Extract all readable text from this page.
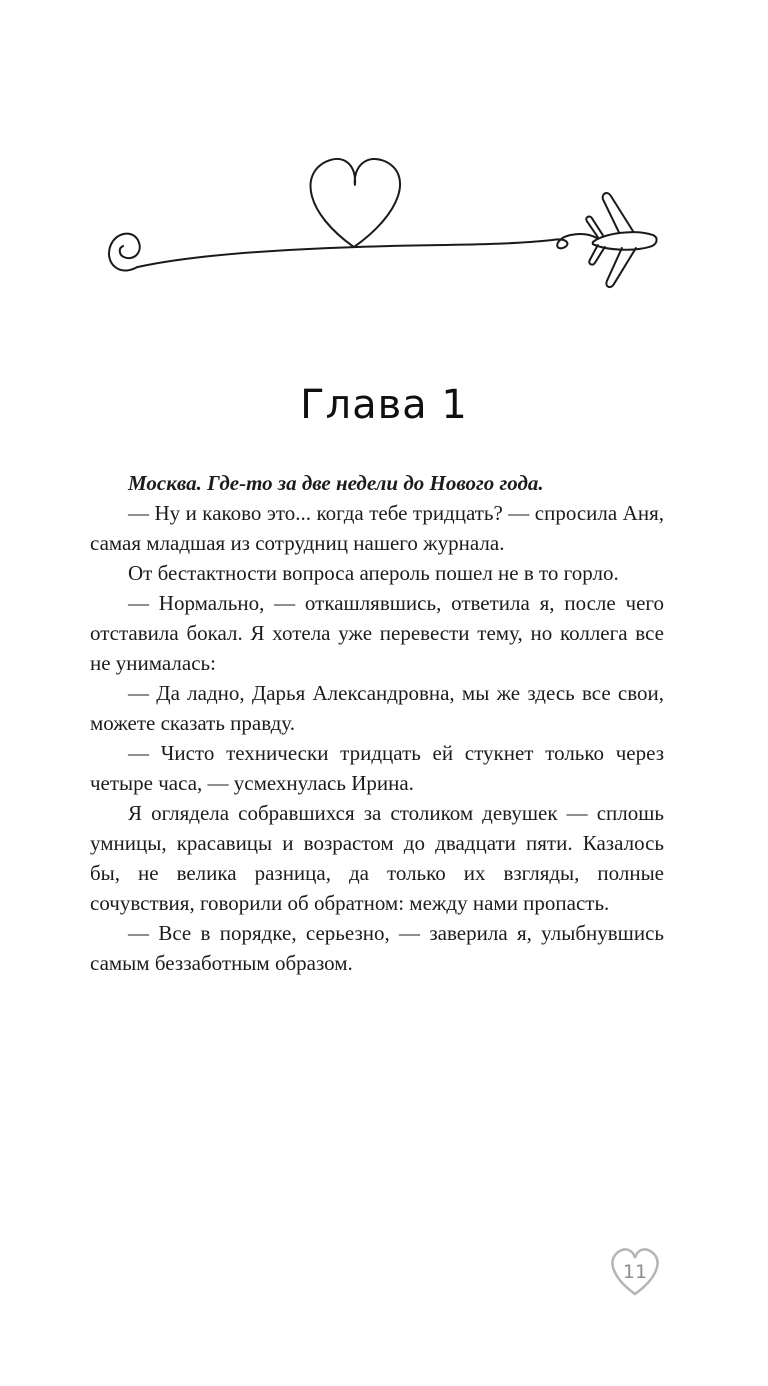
Глава 1

Москва. Где-то за две недели до Нового года.

— Ну и каково это... когда тебе тридцать? — спросила Аня, самая младшая из сотрудниц нашего журнала.

От бестактности вопроса апероль пошел не в то горло.

— Нормально, — откашлявшись, ответила я, после чего отставила бокал. Я хотела уже перевести тему, но коллега все не унималась:

— Да ладно, Дарья Александровна, мы же здесь все свои, можете сказать правду.

— Чисто технически тридцать ей стукнет только через четыре часа, — усмехнулась Ирина.

Я оглядела собравшихся за столиком девушек — сплошь умницы, красавицы и возрастом до двадцати пяти. Казалось бы, не велика разница, да только их взгляды, полные сочувствия, говорили об обратном: между нами пропасть.

— Все в порядке, серьезно, — заверила я, улыбнувшись самым беззаботным образом.

11
